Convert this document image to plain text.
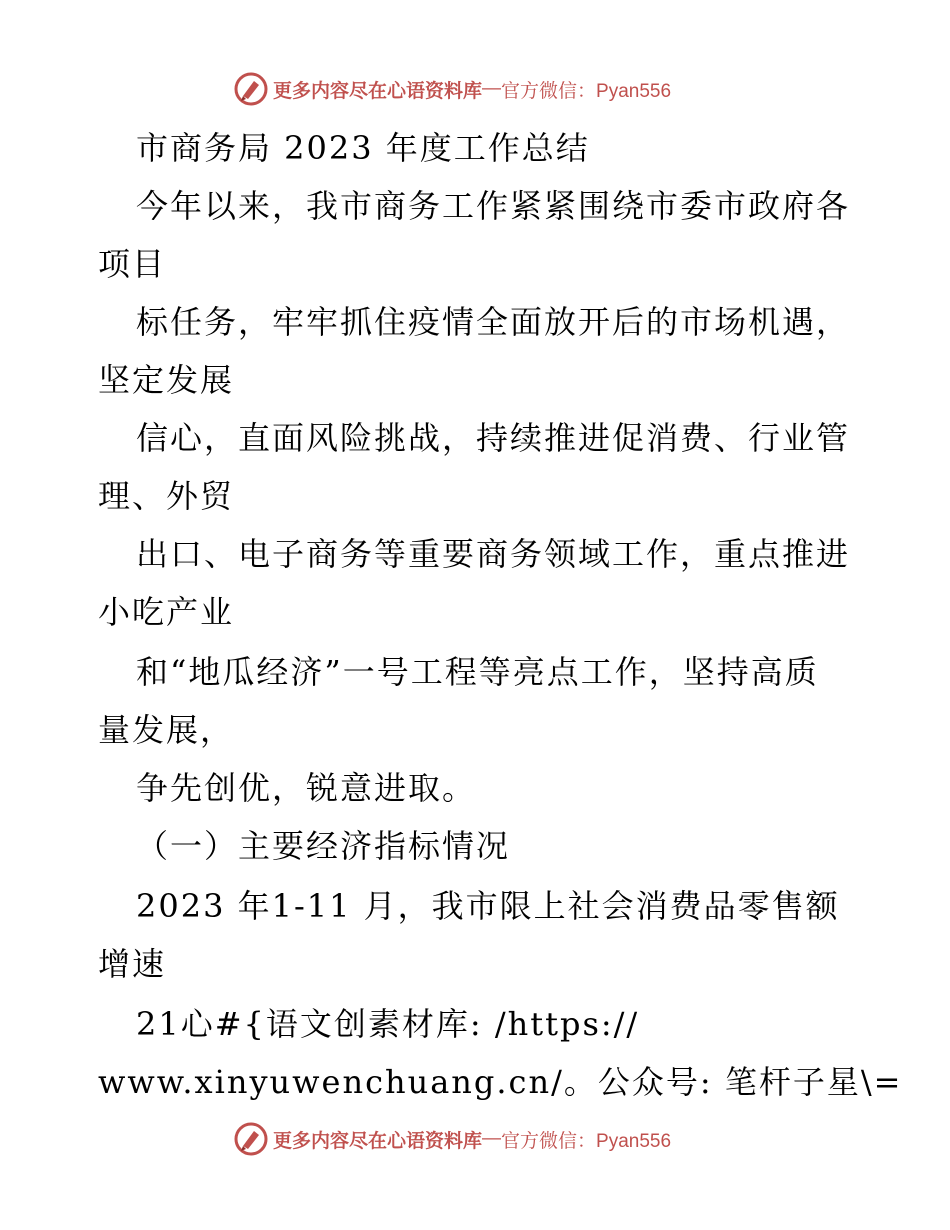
更多内容尽在心语资料库 — 官方微信：Pyan556

市商务局 2023 年度工作总结

今年以来，我市商务工作紧紧围绕市委市政府各

项目

标任务，牢牢抓住疫情全面放开后的市场机遇，

坚定发展

信心，直面风险挑战，持续推进促消费、行业管

理、外贸

出口、电子商务等重要商务领域工作，重点推进

小吃产业

和“地瓜经济”一号工程等亮点工作，坚持高质

量发展，

争先创优，锐意进取。

（一）主要经济指标情况

2023 年1-11 月，我市限上社会消费品零售额

增速

21心#{语文创素材库: /https://

www.xinyuwenchuang.cn/。公众号: 笔杆子星\=

更多内容尽在心语资料库 — 官方微信：Pyan556
